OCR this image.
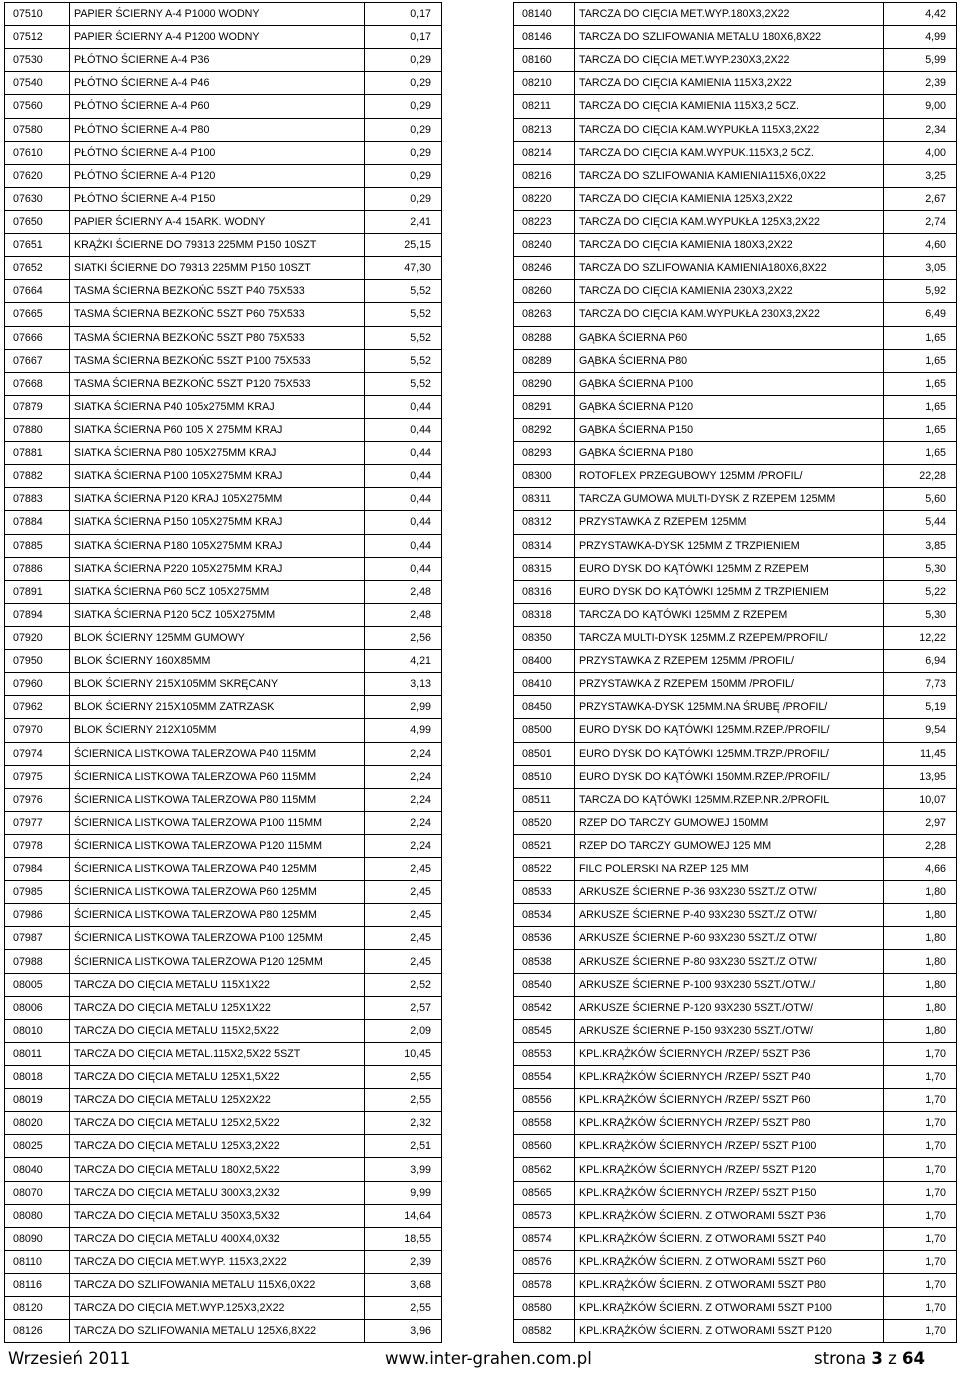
07510	PAPIER ŚCIERNY A-4 P1000 WODNY	0,17
07512	PAPIER ŚCIERNY A-4 P1200 WODNY	0,17
07530	PŁÓTNO ŚCIERNE A-4 P36	0,29
07540	PŁÓTNO ŚCIERNE A-4 P46	0,29
07560	PŁÓTNO ŚCIERNE A-4 P60	0,29
07580	PŁÓTNO ŚCIERNE A-4 P80	0,29
07610	PŁÓTNO ŚCIERNE A-4 P100	0,29
07620	PŁÓTNO ŚCIERNE A-4 P120	0,29
07630	PŁÓTNO ŚCIERNE A-4 P150	0,29
07650	PAPIER ŚCIERNY A-4 15ARK. WODNY	2,41
07651	KRĄŻKI ŚCIERNE DO 79313 225MM P150 10SZT	25,15
07652	SIATKI ŚCIERNE DO 79313 225MM P150 10SZT	47,30
07664	TASMA ŚCIERNA BEZKOŃC 5SZT P40 75X533	5,52
07665	TASMA ŚCIERNA BEZKOŃC 5SZT P60 75X533	5,52
07666	TASMA ŚCIERNA BEZKOŃC 5SZT P80 75X533	5,52
07667	TASMA ŚCIERNA BEZKOŃC 5SZT P100 75X533	5,52
07668	TASMA ŚCIERNA BEZKOŃC 5SZT P120 75X533	5,52
07879	SIATKA ŚCIERNA P40 105x275MM KRAJ	0,44
07880	SIATKA ŚCIERNA P60 105 X 275MM KRAJ	0,44
07881	SIATKA ŚCIERNA P80 105X275MM KRAJ	0,44
07882	SIATKA ŚCIERNA P100 105X275MM KRAJ	0,44
07883	SIATKA ŚCIERNA P120 KRAJ 105X275MM	0,44
07884	SIATKA ŚCIERNA P150 105X275MM KRAJ	0,44
07885	SIATKA ŚCIERNA P180 105X275MM KRAJ	0,44
07886	SIATKA ŚCIERNA P220 105X275MM KRAJ	0,44
07891	SIATKA ŚCIERNA P60 5CZ 105X275MM	2,48
07894	SIATKA ŚCIERNA P120 5CZ 105X275MM	2,48
07920	BLOK ŚCIERNY 125MM GUMOWY	2,56
07950	BLOK ŚCIERNY 160X85MM	4,21
07960	BLOK ŚCIERNY 215X105MM SKRĘCANY	3,13
07962	BLOK ŚCIERNY 215X105MM ZATRZASK	2,99
07970	BLOK ŚCIERNY 212X105MM	4,99
07974	ŚCIERNICA LISTKOWA TALERZOWA P40 115MM	2,24
07975	ŚCIERNICA LISTKOWA TALERZOWA P60 115MM	2,24
07976	ŚCIERNICA LISTKOWA TALERZOWA P80 115MM	2,24
07977	ŚCIERNICA LISTKOWA TALERZOWA P100 115MM	2,24
07978	ŚCIERNICA LISTKOWA TALERZOWA P120 115MM	2,24
07984	ŚCIERNICA LISTKOWA TALERZOWA P40 125MM	2,45
07985	ŚCIERNICA LISTKOWA TALERZOWA P60 125MM	2,45
07986	ŚCIERNICA LISTKOWA TALERZOWA P80 125MM	2,45
07987	ŚCIERNICA LISTKOWA TALERZOWA P100 125MM	2,45
07988	ŚCIERNICA LISTKOWA TALERZOWA P120 125MM	2,45
08005	TARCZA DO CIĘCIA METALU 115X1X22	2,52
08006	TARCZA DO CIĘCIA METALU 125X1X22	2,57
08010	TARCZA DO CIĘCIA METALU 115X2,5X22	2,09
08011	TARCZA DO CIĘCIA METAL.115X2,5X22 5SZT	10,45
08018	TARCZA DO CIĘCIA METALU 125X1,5X22	2,55
08019	TARCZA DO CIĘCIA METALU 125X2X22	2,55
08020	TARCZA DO CIĘCIA METALU 125X2,5X22	2,32
08025	TARCZA DO CIĘCIA METALU 125X3,2X22	2,51
08040	TARCZA DO CIĘCIA METALU 180X2,5X22	3,99
08070	TARCZA DO CIĘCIA METALU 300X3,2X32	9,99
08080	TARCZA DO CIĘCIA METALU 350X3,5X32	14,64
08090	TARCZA DO CIĘCIA METALU 400X4,0X32	18,55
08110	TARCZA DO CIĘCIA MET.WYP. 115X3,2X22	2,39
08116	TARCZA DO SZLIFOWANIA METALU 115X6,0X22	3,68
08120	TARCZA DO CIĘCIA MET.WYP.125X3,2X22	2,55
08126	TARCZA DO SZLIFOWANIA METALU 125X6,8X22	3,96
08140	TARCZA DO CIĘCIA MET.WYP.180X3,2X22	4,42
08146	TARCZA DO SZLIFOWANIA METALU 180X6,8X22	4,99
08160	TARCZA DO CIĘCIA MET.WYP.230X3,2X22	5,99
08210	TARCZA DO CIĘCIA KAMIENIA 115X3,2X22	2,39
08211	TARCZA DO CIĘCIA KAMIENIA 115X3,2 5CZ.	9,00
08213	TARCZA DO CIĘCIA KAM.WYPUKŁA 115X3,2X22	2,34
08214	TARCZA DO CIĘCIA KAM.WYPUK.115X3,2 5CZ.	4,00
08216	TARCZA DO SZLIFOWANIA KAMIENIA115X6,0X22	3,25
08220	TARCZA DO CIĘCIA KAMIENIA 125X3,2X22	2,67
08223	TARCZA DO CIĘCIA KAM.WYPUKŁA 125X3,2X22	2,74
08240	TARCZA DO CIĘCIA KAMIENIA 180X3,2X22	4,60
08246	TARCZA DO SZLIFOWANIA KAMIENIA180X6,8X22	3,05
08260	TARCZA DO CIĘCIA KAMIENIA 230X3,2X22	5,92
08263	TARCZA DO CIĘCIA KAM.WYPUKŁA 230X3,2X22	6,49
08288	GĄBKA ŚCIERNA P60	1,65
08289	GĄBKA ŚCIERNA P80	1,65
08290	GĄBKA ŚCIERNA P100	1,65
08291	GĄBKA ŚCIERNA P120	1,65
08292	GĄBKA ŚCIERNA P150	1,65
08293	GĄBKA ŚCIERNA P180	1,65
08300	ROTOFLEX PRZEGUBOWY 125MM /PROFIL/	22,28
08311	TARCZA GUMOWA MULTI-DYSK Z RZEPEM 125MM	5,60
08312	PRZYSTAWKA Z RZEPEM 125MM	5,44
08314	PRZYSTAWKA-DYSK 125MM Z TRZPIENIEM	3,85
08315	EURO DYSK DO KĄTÓWKI 125MM Z RZEPEM	5,30
08316	EURO DYSK DO KĄTÓWKI 125MM Z TRZPIENIEM	5,22
08318	TARCZA DO KĄTÓWKI 125MM Z RZEPEM	5,30
08350	TARCZA MULTI-DYSK 125MM.Z RZEPEM/PROFIL/	12,22
08400	PRZYSTAWKA Z RZEPEM 125MM /PROFIL/	6,94
08410	PRZYSTAWKA Z RZEPEM 150MM /PROFIL/	7,73
08450	PRZYSTAWKA-DYSK 125MM.NA ŚRUBĘ /PROFIL/	5,19
08500	EURO DYSK DO KĄTÓWKI 125MM.RZEP./PROFIL/	9,54
08501	EURO DYSK DO KĄTÓWKI 125MM.TRZP./PROFIL/	11,45
08510	EURO DYSK DO KĄTÓWKI 150MM.RZEP./PROFIL/	13,95
08511	TARCZA DO KĄTÓWKI 125MM.RZEP.NR.2/PROFIL	10,07
08520	RZEP DO TARCZY GUMOWEJ 150MM	2,97
08521	RZEP DO TARCZY GUMOWEJ 125 MM	2,28
08522	FILC POLERSKI NA RZEP 125 MM	4,66
08533	ARKUSZE ŚCIERNE P-36 93X230 5SZT./Z OTW/	1,80
08534	ARKUSZE ŚCIERNE P-40 93X230 5SZT./Z OTW/	1,80
08536	ARKUSZE ŚCIERNE P-60 93X230 5SZT./Z OTW/	1,80
08538	ARKUSZE ŚCIERNE P-80 93X230 5SZT./Z OTW/	1,80
08540	ARKUSZE ŚCIERNE P-100 93X230 5SZT./OTW./	1,80
08542	ARKUSZE ŚCIERNE P-120 93X230 5SZT./OTW/	1,80
08545	ARKUSZE ŚCIERNE P-150 93X230 5SZT./OTW/	1,80
08553	KPL.KRĄŻKÓW ŚCIERNYCH /RZEP/ 5SZT P36	1,70
08554	KPL.KRĄŻKÓW ŚCIERNYCH /RZEP/ 5SZT P40	1,70
08556	KPL.KRĄŻKÓW ŚCIERNYCH /RZEP/ 5SZT P60	1,70
08558	KPL.KRĄŻKÓW ŚCIERNYCH /RZEP/ 5SZT P80	1,70
08560	KPL.KRĄŻKÓW ŚCIERNYCH /RZEP/ 5SZT P100	1,70
08562	KPL.KRĄŻKÓW ŚCIERNYCH /RZEP/ 5SZT P120	1,70
08565	KPL.KRĄŻKÓW ŚCIERNYCH /RZEP/ 5SZT P150	1,70
08573	KPL.KRĄŻKÓW ŚCIERN. Z OTWORAMI 5SZT P36	1,70
08574	KPL.KRĄŻKÓW ŚCIERN. Z OTWORAMI 5SZT P40	1,70
08576	KPL.KRĄŻKÓW ŚCIERN. Z OTWORAMI 5SZT P60	1,70
08578	KPL.KRĄŻKÓW ŚCIERN. Z OTWORAMI 5SZT P80	1,70
08580	KPL.KRĄŻKÓW ŚCIERN. Z OTWORAMI 5SZT P100	1,70
08582	KPL.KRĄŻKÓW ŚCIERN. Z OTWORAMI 5SZT P120	1,70
Wrzesień 2011	www.inter-grahen.com.pl	strona 3 z 64
